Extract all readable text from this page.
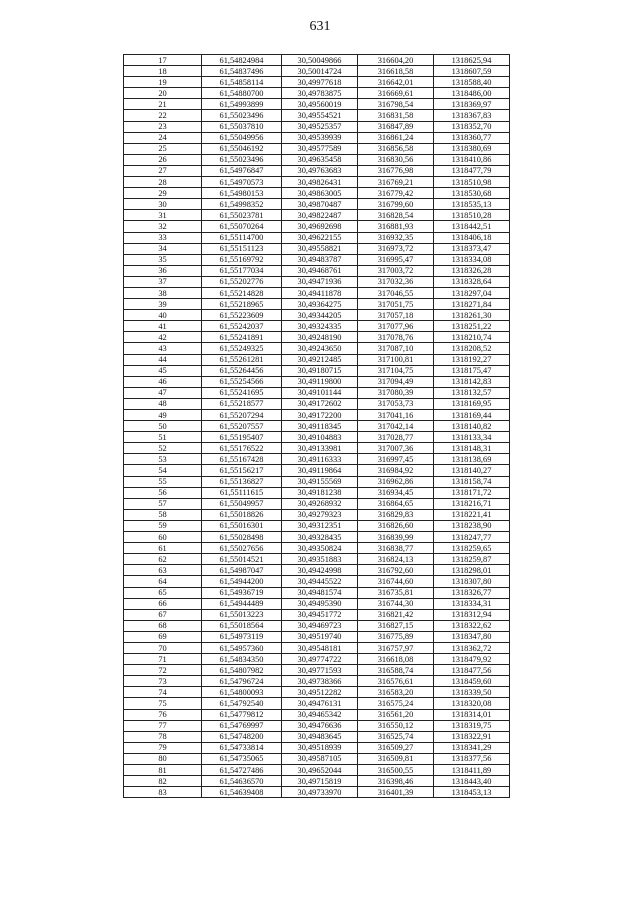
631
17	61,54824984	30,50049866	316604,20	1318625,94
18	61,54837496	30,50014724	316618,58	1318607,59
19	61,54858114	30,49977618	316642,01	1318588,40
20	61,54880700	30,49783875	316669,61	1318486,00
21	61,54993899	30,49560019	316798,54	1318369,97
22	61,55023496	30,49554521	316831,58	1318367,83
23	61,55037810	30,49525357	316847,89	1318352,70
24	61,55049956	30,49539939	316861,24	1318360,77
25	61,55046192	30,49577589	316856,58	1318380,69
26	61,55023496	30,49635458	316830,56	1318410,86
27	61,54976847	30,49763683	316776,98	1318477,79
28	61,54970573	30,49826431	316769,21	1318510,98
29	61,54980153	30,49863005	316779,42	1318530,68
30	61,54998352	30,49870487	316799,60	1318535,13
31	61,55023781	30,49822487	316828,54	1318510,28
32	61,55070264	30,49692698	316881,93	1318442,51
33	61,55114700	30,49622155	316932,35	1318406,18
34	61,55151123	30,49558821	316973,72	1318373,47
35	61,55169792	30,49483787	316995,47	1318334,08
36	61,55177034	30,49468761	317003,72	1318326,28
37	61,55202776	30,49471936	317032,36	1318328,64
38	61,55214828	30,49411878	317046,55	1318297,04
39	61,55218965	30,49364275	317051,75	1318271,84
40	61,55223609	30,49344205	317057,18	1318261,30
41	61,55242037	30,49324335	317077,96	1318251,22
42	61,55241891	30,49248190	317078,76	1318210,74
43	61,55249325	30,49243650	317087,10	1318208,52
44	61,55261281	30,49212485	317100,81	1318192,27
45	61,55264456	30,49180715	317104,75	1318175,47
46	61,55254566	30,49119800	317094,49	1318142,83
47	61,55241695	30,49101144	317080,39	1318132,57
48	61,55218577	30,49172602	317053,73	1318169,95
49	61,55207294	30,49172200	317041,16	1318169,44
50	61,55207557	30,49118345	317042,14	1318140,82
51	61,55195407	30,49104883	317028,77	1318133,34
52	61,55176522	30,49133981	317007,36	1318148,31
53	61,55167428	30,49116333	316997,45	1318138,69
54	61,55156217	30,49119864	316984,92	1318140,27
55	61,55136827	30,49155569	316962,86	1318158,74
56	61,55111615	30,49181238	316934,45	1318171,72
57	61,55049957	30,49268932	316864,65	1318216,71
58	61,55018826	30,49279323	316829,83	1318221,41
59	61,55016301	30,49312351	316826,60	1318238,90
60	61,55028498	30,49328435	316839,99	1318247,77
61	61,55027656	30,49350824	316838,77	1318259,65
62	61,55014521	30,49351883	316824,13	1318259,87
63	61,54987047	30,49424998	316792,60	1318298,01
64	61,54944200	30,49445522	316744,60	1318307,80
65	61,54936719	30,49481574	316735,81	1318326,77
66	61,54944489	30,49495390	316744,30	1318334,31
67	61,55013223	30,49451772	316821,42	1318312,94
68	61,55018564	30,49469723	316827,15	1318322,62
69	61,54973119	30,49519740	316775,89	1318347,80
70	61,54957360	30,49548181	316757,97	1318362,72
71	61,54834350	30,49774722	316618,08	1318479,92
72	61,54807982	30,49771593	316588,74	1318477,56
73	61,54796724	30,49738366	316576,61	1318459,60
74	61,54800093	30,49512282	316583,20	1318339,50
75	61,54792540	30,49476131	316575,24	1318320,08
76	61,54779812	30,49465342	316561,20	1318314,01
77	61,54769997	30,49476636	316550,12	1318319,75
78	61,54748200	30,49483645	316525,74	1318322,91
79	61,54733814	30,49518939	316509,27	1318341,29
80	61,54735065	30,49587105	316509,81	1318377,56
81	61,54727486	30,49652044	316500,55	1318411,89
82	61,54636570	30,49715819	316398,46	1318443,40
83	61,54639408	30,49733970	316401,39	1318453,13
